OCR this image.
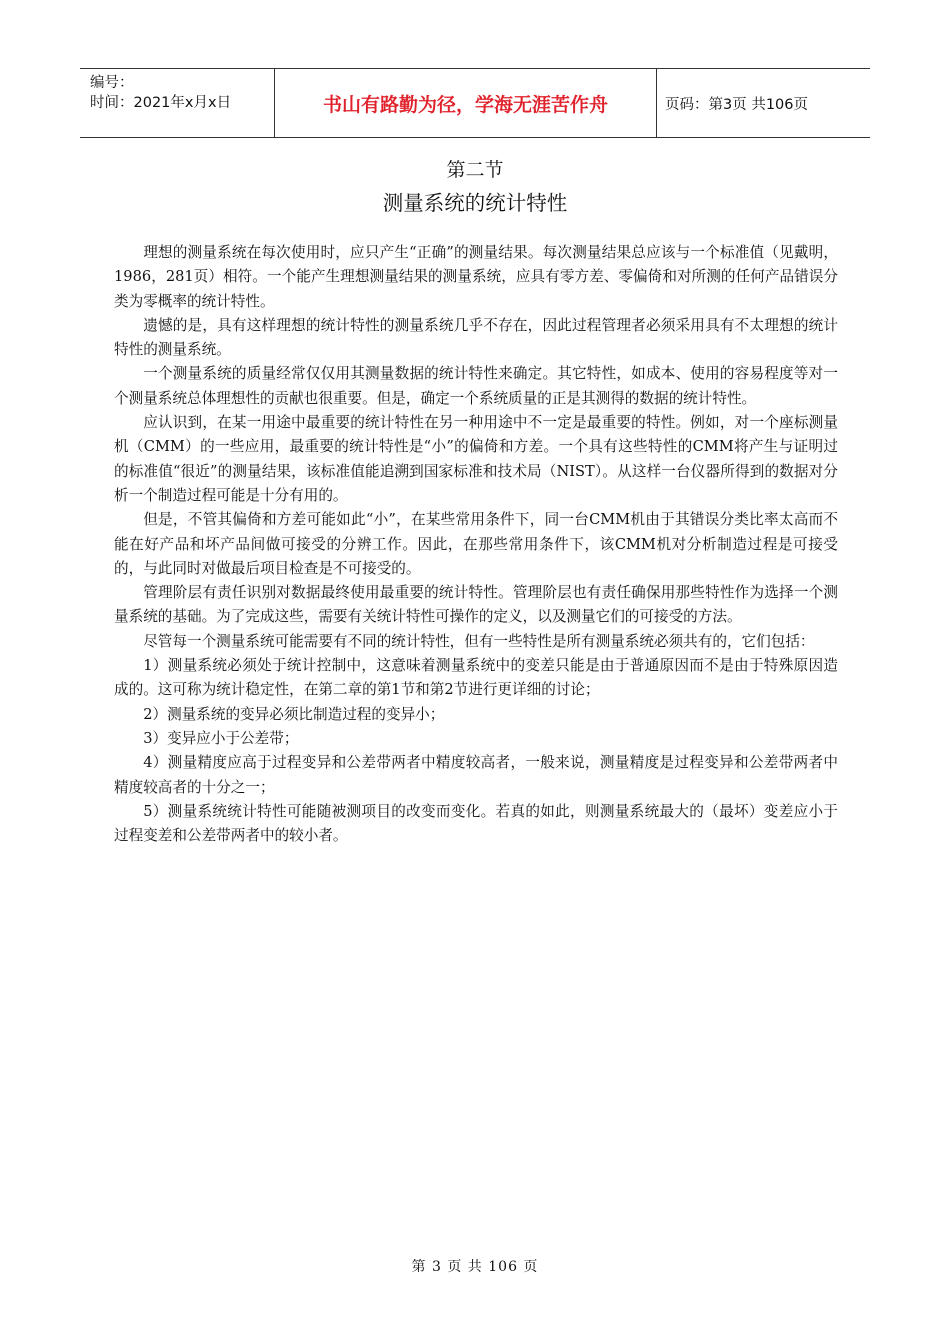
编号：
时间：2021年x月x日	书山有路勤为径，学海无涯苦作舟	页码：第3页 共106页
第二节
测量系统的统计特性

理想的测量系统在每次使用时，应只产生“正确”的测量结果。每次测量结果总应该与一个标准值（见戴明，1986，281页）相符。一个能产生理想测量结果的测量系统，应具有零方差、零偏倚和对所测的任何产品错误分类为零概率的统计特性。

遗憾的是，具有这样理想的统计特性的测量系统几乎不存在，因此过程管理者必须采用具有不太理想的统计特性的测量系统。

一个测量系统的质量经常仅仅用其测量数据的统计特性来确定。其它特性，如成本、使用的容易程度等对一个测量系统总体理想性的贡献也很重要。但是，确定一个系统质量的正是其测得的数据的统计特性。

应认识到，在某一用途中最重要的统计特性在另一种用途中不一定是最重要的特性。例如，对一个座标测量机（CMM）的一些应用，最重要的统计特性是“小”的偏倚和方差。一个具有这些特性的CMM将产生与证明过的标准值“很近”的测量结果，该标准值能追溯到国家标准和技术局（NIST）。从这样一台仪器所得到的数据对分析一个制造过程可能是十分有用的。

但是，不管其偏倚和方差可能如此“小”，在某些常用条件下，同一台CMM机由于其错误分类比率太高而不能在好产品和坏产品间做可接受的分辨工作。因此，在那些常用条件下，该CMM机对分析制造过程是可接受的，与此同时对做最后项目检查是不可接受的。

管理阶层有责任识别对数据最终使用最重要的统计特性。管理阶层也有责任确保用那些特性作为选择一个测量系统的基础。为了完成这些，需要有关统计特性可操作的定义，以及测量它们的可接受的方法。

尽管每一个测量系统可能需要有不同的统计特性，但有一些特性是所有测量系统必须共有的，它们包括：

1）测量系统必须处于统计控制中，这意味着测量系统中的变差只能是由于普通原因而不是由于特殊原因造成的。这可称为统计稳定性，在第二章的第1节和第2节进行更详细的讨论；

2）测量系统的变异必须比制造过程的变异小；

3）变异应小于公差带；

4）测量精度应高于过程变异和公差带两者中精度较高者，一般来说，测量精度是过程变异和公差带两者中精度较高者的十分之一；

5）测量系统统计特性可能随被测项目的改变而变化。若真的如此，则测量系统最大的（最坏）变差应小于过程变差和公差带两者中的较小者。

第 3 页 共 106 页
